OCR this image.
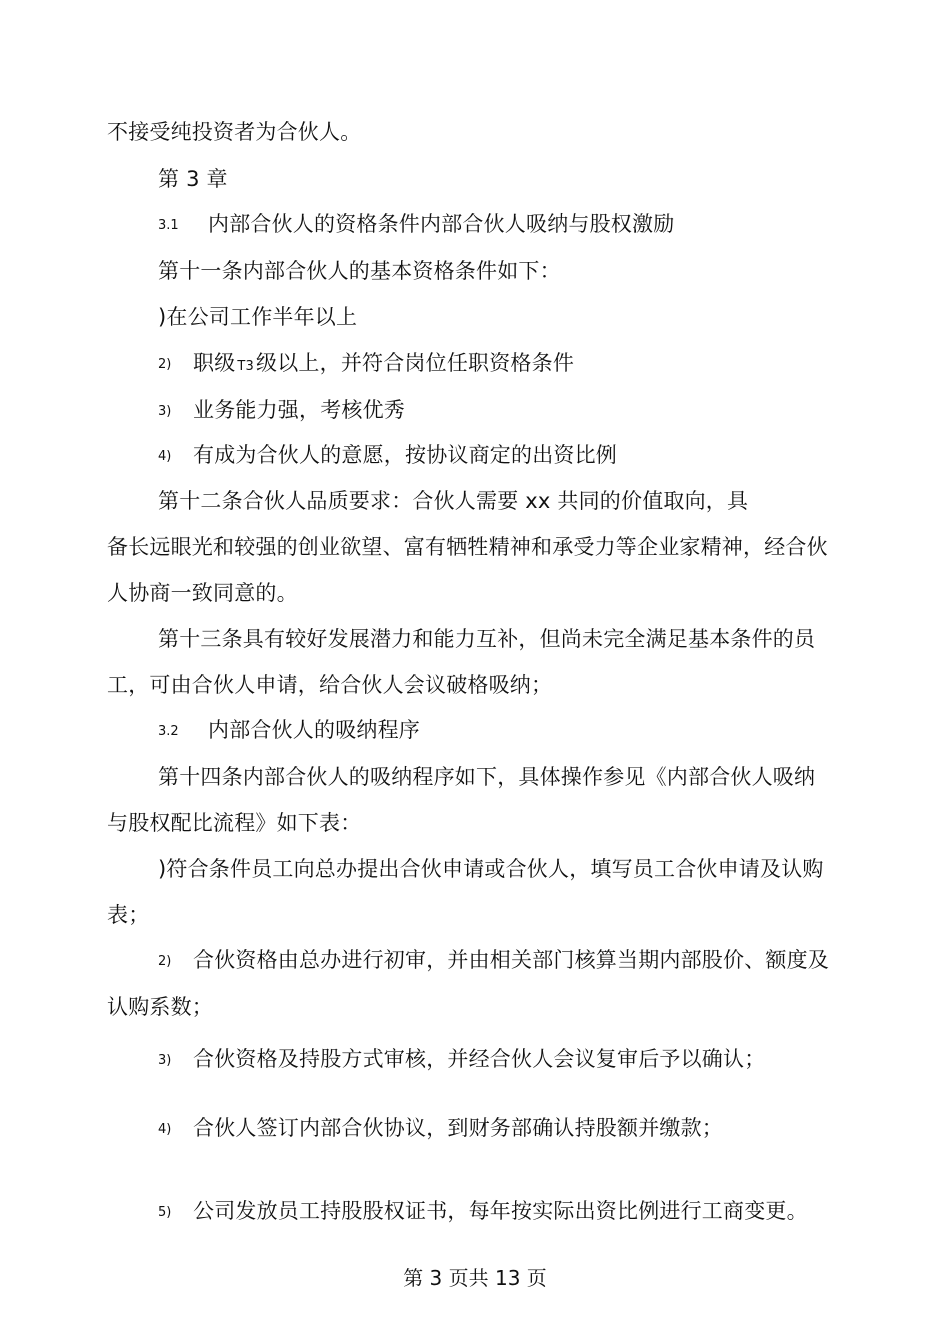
不接受纯投资者为合伙人。
第 3 章
3.1 内部合伙人的资格条件内部合伙人吸纳与股权激励
第十一条内部合伙人的基本资格条件如下：
)在公司工作半年以上
2) 职级 T3级以上，并符合岗位任职资格条件
3) 业务能力强，考核优秀
4) 有成为合伙人的意愿，按协议商定的出资比例
第十二条合伙人品质要求：合伙人需要 xx 共同的价值取向，具
备长远眼光和较强的创业欲望、富有牺牲精神和承受力等企业家精神，经合伙
人协商一致同意的。
第十三条具有较好发展潜力和能力互补，但尚未完全满足基本条件的员
工，可由合伙人申请，给合伙人会议破格吸纳；
3.2 内部合伙人的吸纳程序
第十四条内部合伙人的吸纳程序如下，具体操作参见《内部合伙人吸纳
与股权配比流程》如下表：
)符合条件员工向总办提出合伙申请或合伙人，填写员工合伙申请及认购
表；
2) 合伙资格由总办进行初审，并由相关部门核算当期内部股价、额度及
认购系数；
3) 合伙资格及持股方式审核，并经合伙人会议复审后予以确认；
4) 合伙人签订内部合伙协议，到财务部确认持股额并缴款；
5) 公司发放员工持股股权证书，每年按实际出资比例进行工商变更。
第 3 页共 13 页
